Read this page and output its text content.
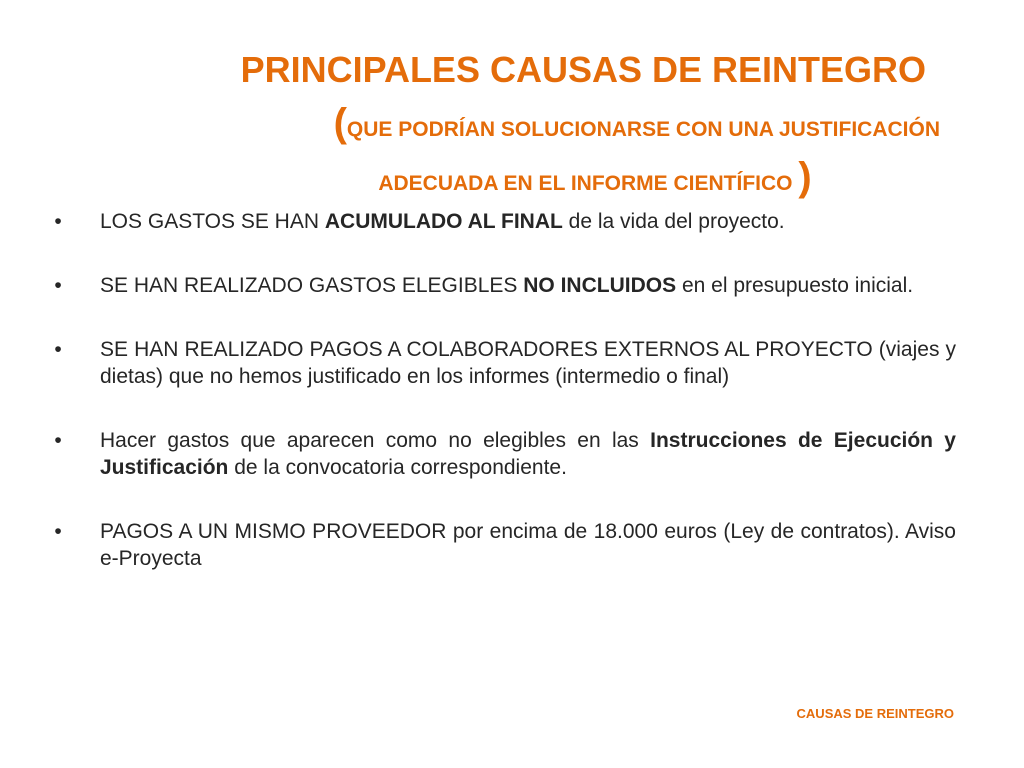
PRINCIPALES CAUSAS DE REINTEGRO
(QUE PODRÍAN SOLUCIONARSE CON UNA JUSTIFICACIÓN
ADECUADA EN EL INFORME CIENTÍFICO )
•	LOS GASTOS SE HAN ACUMULADO AL FINAL de la vida del proyecto.
•	SE HAN REALIZADO GASTOS ELEGIBLES NO INCLUIDOS en el presupuesto inicial.
•	SE HAN REALIZADO PAGOS A COLABORADORES EXTERNOS AL PROYECTO (viajes y dietas) que no hemos justificado en los informes (intermedio o final)
•	Hacer gastos que aparecen como no elegibles en las Instrucciones de Ejecución y    Justificación de la convocatoria correspondiente.
•	PAGOS A UN MISMO PROVEEDOR por encima de 18.000 euros (Ley de contratos). Aviso e-Proyecta
CAUSAS DE REINTEGRO
